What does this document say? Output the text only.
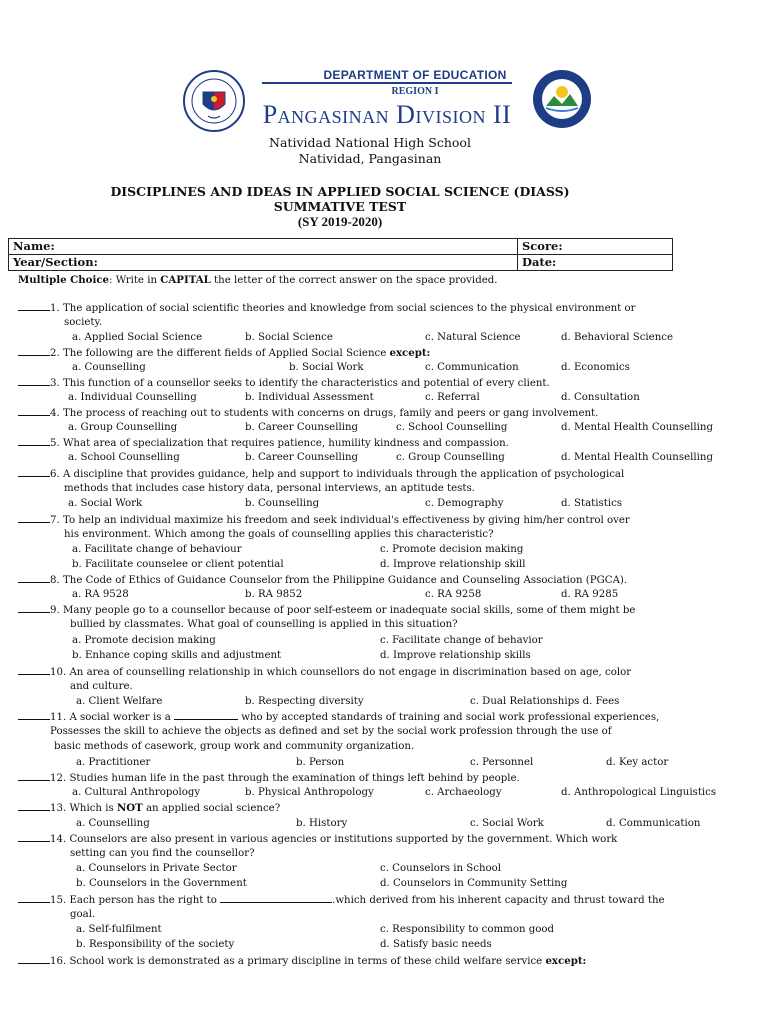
DEPARTMENT OF EDUCATION
REGION I
Pangasinan Division II
Natividad National High School
Natividad, Pangasinan
DISCIPLINES AND IDEAS IN APPLIED SOCIAL SCIENCE (DIASS)
SUMMATIVE TEST
(SY 2019-2020)
Name:	Score:
Year/Section:	Date:
Multiple Choice: Write in CAPITAL the letter of the correct answer on the space provided.
1. The application of social scientific theories and knowledge from social sciences to the physical environment or
society.
a. Applied Social Science	b. Social Science	c. Natural Science	d. Behavioral Science
2. The following are the different fields of Applied Social Science except:
a. Counselling	b. Social Work	c. Communication	d. Economics
3. This function of a counsellor seeks to identify the characteristics and potential of every client.
a. Individual Counselling	b. Individual Assessment	c. Referral	d. Consultation
4. The process of reaching out to students with concerns on drugs, family and peers or gang involvement.
a. Group Counselling	b. Career Counselling	c. School Counselling	d. Mental Health Counselling
5. What area of specialization that requires patience, humility kindness and compassion.
a. School Counselling	b. Career Counselling	c. Group Counselling	d. Mental Health Counselling
6. A discipline that provides guidance, help and support to individuals through the application of psychological
methods that includes case history data, personal interviews, an aptitude tests.
a. Social Work	b. Counselling	c. Demography	d. Statistics
7. To help an individual maximize his freedom and seek individual's effectiveness by giving him/her control over
his environment. Which among the goals of counselling applies this characteristic?
a. Facilitate change of behaviour	c. Promote decision making
b. Facilitate counselee or client potential	d. Improve relationship skill
8. The Code of Ethics of Guidance Counselor from the Philippine Guidance and Counseling Association (PGCA).
a. RA 9528	b. RA 9852	c. RA 9258	d. RA 9285
9. Many people go to a counsellor because of poor self-esteem or inadequate social skills, some of them might be
bullied by classmates. What goal of counselling is applied in this situation?
a. Promote decision making	c. Facilitate change of behavior
b. Enhance coping skills and adjustment	d. Improve relationship skills
10. An area of counselling relationship in which counsellors do not engage in discrimination based on age, color
and culture.
a. Client Welfare	b. Respecting diversity	c. Dual Relationships d. Fees
11. A social worker is a	who by accepted standards of training and social work professional experiences,
Possesses the skill to achieve the objects as defined and set by the social work profession through the use of
basic methods of casework, group work and community organization.
a. Practitioner	b. Person	c. Personnel	d. Key actor
12. Studies human life in the past through the examination of things left behind by people.
a. Cultural Anthropology	b. Physical Anthropology	c. Archaeology	d. Anthropological Linguistics
13. Which is NOT an applied social science?
a. Counselling	b. History	c. Social Work	d. Communication
14. Counselors are also present in various agencies or institutions supported by the government. Which work
setting can you find the counsellor?
a. Counselors in Private Sector	c. Counselors in School
b. Counselors in the Government	d. Counselors in Community Setting
15. Each person has the right to	.which derived from his inherent capacity and thrust toward the
goal.
a. Self-fulfilment	c. Responsibility to common good
b. Responsibility of the society	d. Satisfy basic needs
16. School work is demonstrated as a primary discipline in terms of these child welfare service except:
